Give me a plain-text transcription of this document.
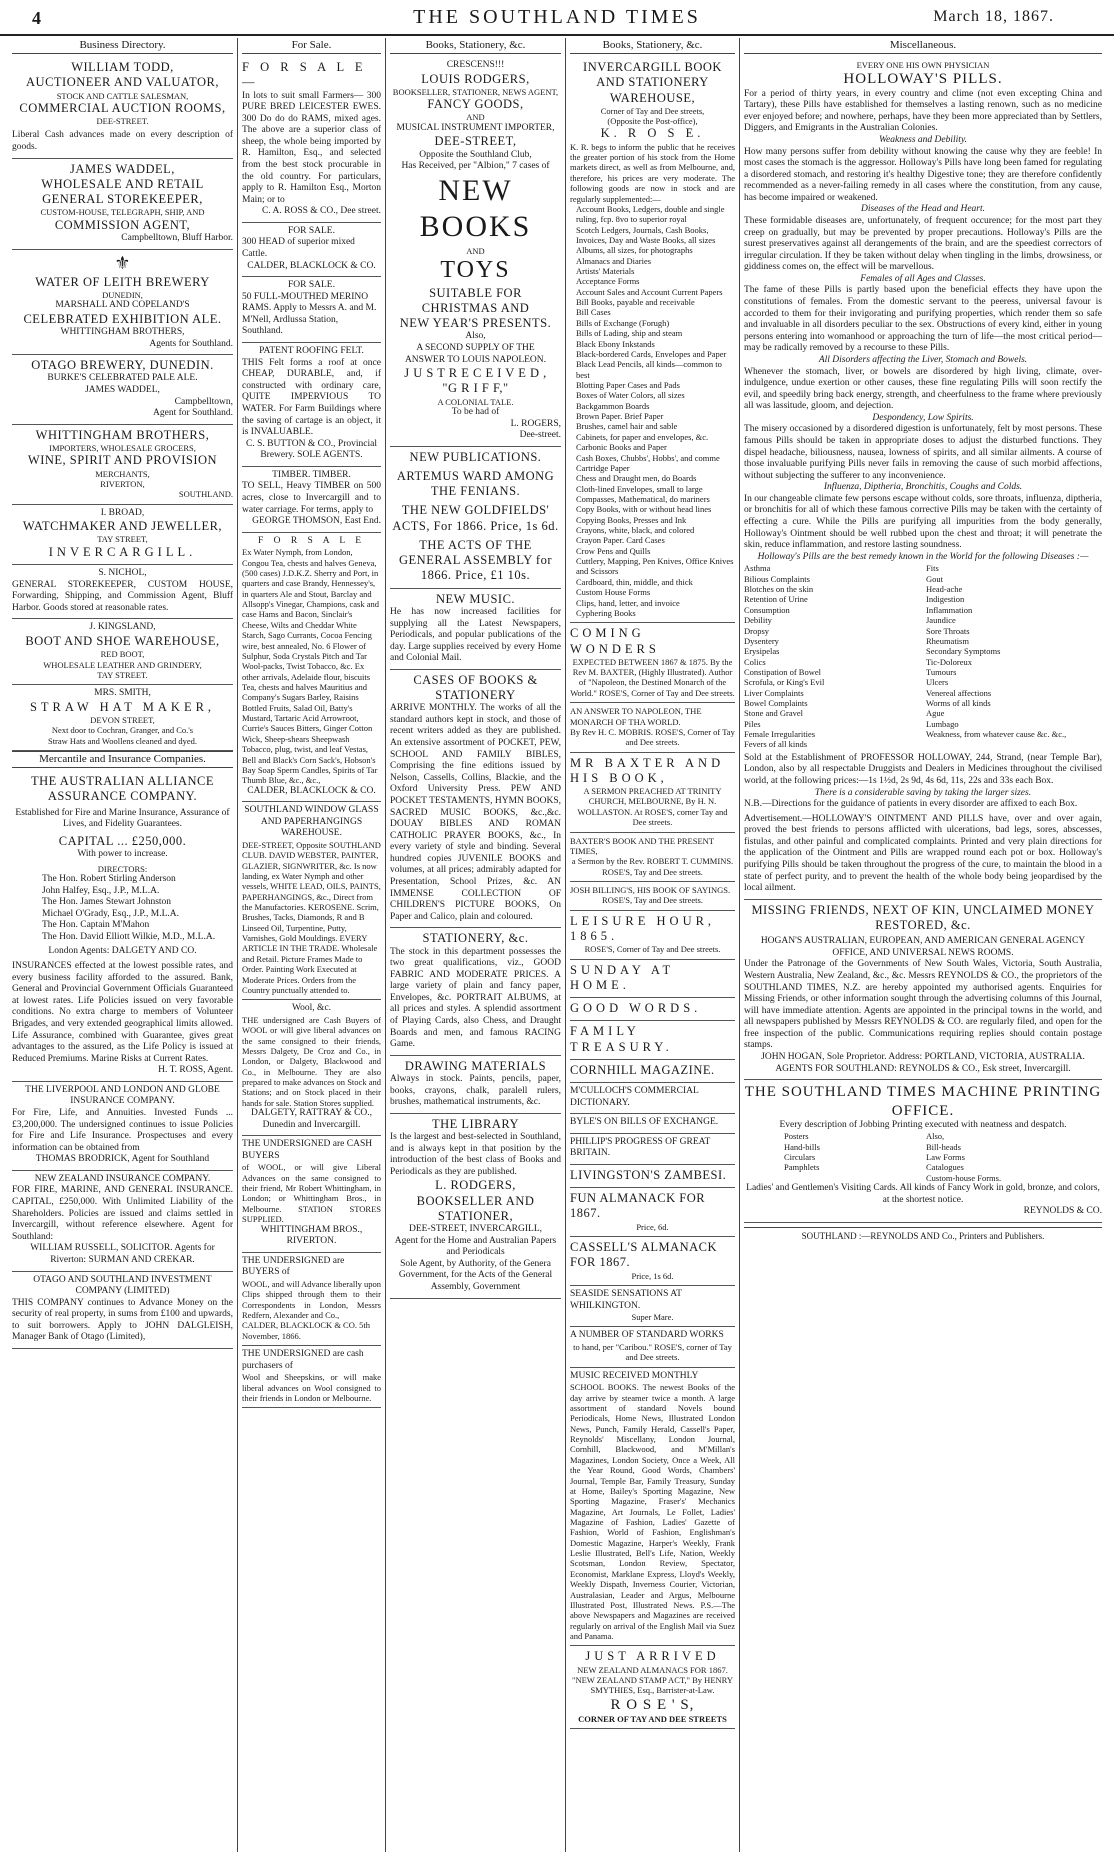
4	THE SOUTHLAND TIMES	March 18, 1867.
Business Directory.
WILLIAM TODD,
AUCTIONEER AND VALUATOR,
STOCK AND CATTLE SALESMAN,
COMMERCIAL AUCTION ROOMS,
DEE-STREET.
Liberal Cash advances made on every description of goods.
JAMES WADDEL,
WHOLESALE AND RETAIL
GENERAL STOREKEEPER,
CUSTOM-HOUSE, TELEGRAPH, SHIP, AND
COMMISSION AGENT,
Campbelltown, Bluff Harbor.
⚜
WATER OF LEITH BREWERY
DUNEDIN,
MARSHALL AND COPELAND'S
CELEBRATED EXHIBITION ALE.
WHITTINGHAM BROTHERS,
Agents for Southland.
OTAGO BREWERY, DUNEDIN.
BURKE'S CELEBRATED PALE ALE.
JAMES WADDEL,
Campbelltown,
Agent for Southland.
WHITTINGHAM BROTHERS,
IMPORTERS, WHOLESALE GROCERS,
WINE, SPIRIT AND PROVISION
MERCHANTS,
RIVERTON,
SOUTHLAND.
I. BROAD,
WATCHMAKER AND JEWELLER,
TAY STREET,
INVERCARGILL.
S. NICHOL,
GENERAL STOREKEEPER, CUSTOM HOUSE, Forwarding, Shipping, and Commission Agent, Bluff Harbor. Goods stored at reasonable rates.
J. KINGSLAND,
BOOT AND SHOE WAREHOUSE,
RED BOOT,
WHOLESALE LEATHER AND GRINDERY,
TAY STREET.
MRS. SMITH,
STRAW HAT MAKER,
DEVON STREET,
Next door to Cochran, Granger, and Co.'s
Straw Hats and Woollens cleaned and dyed.
Mercantile and Insurance Companies.
THE AUSTRALIAN ALLIANCE ASSURANCE COMPANY.
Established for Fire and Marine Insurance, Assurance of Lives, and Fidelity Guarantees.
CAPITAL ... £250,000.
With power to increase.
DIRECTORS:
The Hon. Robert Stirling Anderson
John Halfey, Esq., J.P., M.L.A.
The Hon. James Stewart Johnston
Michael O'Grady, Esq., J.P., M.L.A.
The Hon. Captain M'Mahon
The Hon. David Elliott Wilkie, M.D., M.L.A.
London Agents: DALGETY AND CO.
INSURANCES effected at the lowest possible rates, and every business facility afforded to the assured. Bank, General and Provincial Government Officials Guaranteed at lowest rates. Life Policies issued on very favorable conditions. No extra charge to members of Volunteer Brigades, and very extended geographical limits allowed. Life Assurance, combined with Guarantee, gives great advantages to the assured, as the Life Policy is issued at Reduced Premiums. Marine Risks at Current Rates.
H. T. ROSS, Agent.
THE LIVERPOOL AND LONDON AND GLOBE INSURANCE COMPANY.
For Fire, Life, and Annuities. Invested Funds ... £3,200,000. The undersigned continues to issue Policies for Fire and Life Insurance. Prospectuses and every information can be obtained from
THOMAS BRODRICK, Agent for Southland
NEW ZEALAND INSURANCE COMPANY.
FOR FIRE, MARINE, AND GENERAL INSURANCE. CAPITAL, £250,000. With Unlimited Liability of the Shareholders. Policies are issued and claims settled in Invercargill, without reference elsewhere. Agent for Southland:
WILLIAM RUSSELL, SOLICITOR. Agents for Riverton: SURMAN AND CREKAR.
OTAGO AND SOUTHLAND INVESTMENT COMPANY (LIMITED)
THIS COMPANY continues to Advance Money on the security of real property, in sums from £100 and upwards, to suit borrowers. Apply to JOHN DALGLEISH, Manager Bank of Otago (Limited),
For Sale.
F O R S A L E —
In lots to suit small Farmers— 300 PURE BRED LEICESTER EWES. 300 Do do do RAMS, mixed ages. The above are a superior class of sheep, the whole being imported by R. Hamilton, Esq., and selected from the best stock procurable in the old country. For particulars, apply to R. Hamilton Esq., Morton Main; or to
C. A. ROSS & CO., Dee street.
FOR SALE.
300 HEAD of superior mixed Cattle.
CALDER, BLACKLOCK & CO.
FOR SALE.
50 FULL-MOUTHED MERINO RAMS. Apply to Messrs A. and M. M'Nell, Ardlussa Station, Southland.
PATENT ROOFING FELT.
THIS Felt forms a roof at once CHEAP, DURABLE, and, if constructed with ordinary care, QUITE IMPERVIOUS TO WATER. For Farm Buildings where the saving of cartage is an object, it is INVALUABLE.
C. S. BUTTON & CO., Provincial Brewery. SOLE AGENTS.
TIMBER. TIMBER.
TO SELL, Heavy TIMBER on 500 acres, close to Invercargill and to water carriage. For terms, apply to
GEORGE THOMSON, East End.
F O R S A L E
Ex Water Nymph, from London, Congou Tea, chests and halves Geneva, (500 cases) J.D.K.Z. Sherry and Port, in quarters and case Brandy, Hennessey's, in quarters Ale and Stout, Barclay and Allsopp's Vinegar, Champions, cask and case Hams and Bacon, Sinclair's Cheese, Wilts and Cheddar White Starch, Sago Currants, Cocoa Fencing wire, best annealed, No. 6 Flower of Sulphur, Soda Crystals Pitch and Tar Wool-packs, Twist Tobacco, &c. Ex other arrivals, Adelaide flour, biscuits Tea, chests and halves Mauritius and Company's Sugars Barley, Raisins Bottled Fruits, Salad Oil, Batty's Mustard, Tartaric Acid Arrowroot, Currie's Sauces Bitters, Ginger Cotton Wick, Sheep-shears Sheepwash Tobacco, plug, twist, and leaf Vestas, Bell and Black's Corn Sack's, Hobson's Bay Soap Sperm Candles, Spirits of Tar Thumb Blue, &c., &c.,
CALDER, BLACKLOCK & CO.
SOUTHLAND WINDOW GLASS AND PAPERHANGINGS WAREHOUSE.
DEE-STREET, Opposite SOUTHLAND CLUB. DAVID WEBSTER, PAINTER, GLAZIER, SIGNWRITER, &c. Is now landing, ex Water Nymph and other vessels, WHITE LEAD, OILS, PAINTS, PAPERHANGINGS, &c., Direct from the Manufactories. KEROSENE. Scrim, Brushes, Tacks, Diamonds, R and B Linseed Oil, Turpentine, Putty, Varnishes, Gold Mouldings. EVERY ARTICLE IN THE TRADE. Wholesale and Retail. Picture Frames Made to Order. Painting Work Executed at Moderate Prices. Orders from the Country punctually attended to.
Wool, &c.
THE undersigned are Cash Buyers of WOOL or will give liberal advances on the same consigned to their friends, Messrs Dalgety, De Croz and Co., in London, or Dalgety, Blackwood and Co., in Melbourne. They are also prepared to make advances on Stock and Stations; and on Stock placed in their hands for sale. Station Stores supplied.
DALGETY, RATTRAY & CO., Dunedin and Invercargill.
THE UNDERSIGNED are CASH BUYERS
of WOOL, or will give Liberal Advances on the same consigned to their friend, Mr Robert Whittingham, in London; or Whittingham Bros., in Melbourne. STATION STORES SUPPLIED.
WHITTINGHAM BROS., RIVERTON.
THE UNDERSIGNED are BUYERS of
WOOL, and will Advance liberally upon Clips shipped through them to their Correspondents in London, Messrs Redfern, Alexander and Co.,
CALDER, BLACKLOCK & CO. 5th November, 1866.
THE UNDERSIGNED are cash purchasers of
Wool and Sheepskins, or will make liberal advances on Wool consigned to their friends in London or Melbourne.
Books, Stationery, &c.
CRESCENS!!!
LOUIS RODGERS,
BOOKSELLER, STATIONER, NEWS AGENT,
FANCY GOODS,
AND
MUSICAL INSTRUMENT IMPORTER,
DEE-STREET,
Opposite the Southland Club,
Has Received, per "Albion," 7 cases of
NEW BOOKS
AND
TOYS
SUITABLE FOR CHRISTMAS AND
NEW YEAR'S PRESENTS.
Also,
A SECOND SUPPLY OF THE
ANSWER TO LOUIS NAPOLEON.
J U S T R E C E I V E D ,
"G R I F F,"
A COLONIAL TALE.
To be had of
L. ROGERS,
Dee-street.
NEW PUBLICATIONS.
ARTEMUS WARD AMONG THE FENIANS.
THE NEW GOLDFIELDS' ACTS, For 1866. Price, 1s 6d.
THE ACTS OF THE GENERAL ASSEMBLY for 1866. Price, £1 10s.
NEW MUSIC.
He has now increased facilities for supplying all the Latest Newspapers, Periodicals, and popular publications of the day. Large supplies received by every Home and Colonial Mail.
CASES OF BOOKS & STATIONERY
ARRIVE MONTHLY. The works of all the standard authors kept in stock, and those of recent writers added as they are published. An extensive assortment of POCKET, PEW, SCHOOL AND FAMILY BIBLES, Comprising the fine editions issued by Nelson, Cassells, Collins, Blackie, and the Oxford University Press. PEW AND POCKET TESTAMENTS, HYMN BOOKS, SACRED MUSIC BOOKS, &c.,&c. DOUAY BIBLES AND ROMAN CATHOLIC PRAYER BOOKS, &c., In every variety of style and binding. Several hundred copies JUVENILE BOOKS and volumes, at all prices; admirably adapted for Presentation, School Prizes, &c. AN IMMENSE COLLECTION OF CHILDREN'S PICTURE BOOKS, On Paper and Calico, plain and coloured.
STATIONERY, &c.
The stock in this department possesses the two great qualifications, viz., GOOD FABRIC AND MODERATE PRICES. A large variety of plain and fancy paper, Envelopes, &c. PORTRAIT ALBUMS, at all prices and styles. A splendid assortment of Playing Cards, also Chess, and Draught Boards and men, and famous RACING Game.
DRAWING MATERIALS
Always in stock. Paints, pencils, paper, books, crayons, chalk, paralell rulers, brushes, mathematical instruments, &c.
THE LIBRARY
Is the largest and best-selected in Southland, and is always kept in that position by the introduction of the best class of Books and Periodicals as they are published.
L. RODGERS,
BOOKSELLER AND STATIONER,
DEE-STREET, INVERCARGILL,
Agent for the Home and Australian Papers and Periodicals
Sole Agent, by Authority, of the Genera Government, for the Acts of the General Assembly, Government
Books, Stationery, &c.
INVERCARGILL BOOK AND STATIONERY WAREHOUSE,
Corner of Tay and Dee streets,
(Opposite the Post-office),
K. R O S E.
K. R. begs to inform the public that he receives the greater portion of his stock from the Home markets direct, as well as from Melbourne, and, therefore, his prices are very moderate. The following goods are now in stock and are regularly supplemented:—
Account Books, Ledgers, double and single ruling, fcp. 8vo to superior royal
Scotch Ledgers, Journals, Cash Books, Invoices, Day and Waste Books, all sizes
Albums, all sizes, for photographs
Almanacs and Diaries
Artists' Materials
Acceptance Forms
Account Sales and Account Current Papers
Bill Books, payable and receivable
Bill Cases
Bills of Exchange (Forugh)
Bills of Lading, ship and steam
Black Ebony Inkstands
Black-bordered Cards, Envelopes and Paper
Black Lead Pencils, all kinds—common to best
Blotting Paper Cases and Pads
Boxes of Water Colors, all sizes
Backgammon Boards
Brown Paper. Brief Paper
Brushes, camel hair and sable
Cabinets, for paper and envelopes, &c.
Carbonic Books and Paper
Cash Boxes, Chubbs', Hobbs', and comme
Cartridge Paper
Chess and Draught men, do Boards
Cloth-lined Envelopes, small to large
Compasses, Mathematical, do mariners
Copy Books, with or without head lines
Copying Books, Presses and Ink
Crayons, white, black, and colored
Crayon Paper. Card Cases
Crow Pens and Quills
Cuttlery, Mapping, Pen Knives, Office Knives and Scissors
Cardboard, thin, middle, and thick
Custom House Forms
Clips, hand, letter, and invoice
Cyphering Books
COMING WONDERS
EXPECTED BETWEEN 1867 & 1875. By the Rev M. BAXTER, (Highly Illustrated). Author of "Napoleon, the Destined Monarch of the World." ROSE'S, Corner of Tay and Dee streets.
AN ANSWER TO NAPOLEON, THE MONARCH OF THA WORLD.
By Rev H. C. MOBRIS. ROSE'S, Corner of Tay and Dee streets.
MR BAXTER AND HIS BOOK,
A SERMON PREACHED AT TRINITY CHURCH, MELBOURNE, By H. N. WOLLASTON. At ROSE'S, corner Tay and Dee streets.
BAXTER'S BOOK AND THE PRESENT TIMES,
a Sermon by the Rev. ROBERT T. CUMMINS. ROSE'S, Tay and Dee streets.
JOSH BILLING'S, HIS BOOK OF SAYINGS.
ROSE'S, Tay and Dee streets.
LEISURE HOUR, 1865.
ROSE'S, Corner of Tay and Dee streets.
SUNDAY AT HOME.
GOOD WORDS.
FAMILY TREASURY.
CORNHILL MAGAZINE.
M'CULLOCH'S COMMERCIAL DICTIONARY.
BYLE'S ON BILLS OF EXCHANGE.
PHILLIP'S PROGRESS OF GREAT BRITAIN.
LIVINGSTON'S ZAMBESI.
FUN ALMANACK FOR 1867.
Price, 6d.
CASSELL'S ALMANACK FOR 1867.
Price, 1s 6d.
SEASIDE SENSATIONS AT WHILKINGTON.
Super Mare.
A NUMBER OF STANDARD WORKS
to hand, per "Caribou." ROSE'S, corner of Tay and Dee streets.
MUSIC RECEIVED MONTHLY
SCHOOL BOOKS. The newest Books of the day arrive by steamer twice a month. A large assortment of standard Novels bound Periodicals, Home News, Illustrated London News, Punch, Family Herald, Cassell's Paper, Reynolds' Miscellany, London Journal, Cornhill, Blackwood, and M'Millan's Magazines, London Society, Once a Week, All the Year Round, Good Words, Chambers' Journal, Temple Bar, Family Treasury, Sunday at Home, Bailey's Sporting Magazine, New Sporting Magazine, Fraser's' Mechanics Magazine, Art Journals, Le Follet, Ladies' Magazine of Fashion, Ladies' Gazette of Fashion, World of Fashion, Englishman's Domestic Magazine, Harper's Weekly, Frank Leslie Illustrated, Bell's Life, Nation, Weekly Scotsman, London Review, Spectator, Economist, Marklane Express, Lloyd's Weekly, Weekly Dispath, Inverness Courier, Victorian, Australasian, Leader and Argus, Melbourne Illustrated Post, Illustrated News. P.S.—The above Newspapers and Magazines are received regularly on arrival of the English Mail via Suez and Panama.
JUST ARRIVED
NEW ZEALAND ALMANACS FOR 1867. "NEW ZEALAND STAMP ACT," By HENRY SMYTHIES, Esq., Barrister-at-Law.
R O S E ' S,
CORNER OF TAY AND DEE STREETS
Miscellaneous.
EVERY ONE HIS OWN PHYSICIAN
HOLLOWAY'S PILLS.
For a period of thirty years, in every country and clime (not even excepting China and Tartary), these Pills have established for themselves a lasting renown, such as no medicine ever enjoyed before; and nowhere, perhaps, have they been more appreciated than by Settlers, Diggers, and Emigrants in the Australian Colonies.
Weakness and Debility.
How many persons suffer from debility without knowing the cause why they are feeble! In most cases the stomach is the aggressor. Holloway's Pills have long been famed for regulating a disordered stomach, and restoring it's healthy Digestive tone; they are therefore confidently recommended as a never-failing remedy in all cases where the constitution, from any cause, has become impaired or weakened.
Diseases of the Head and Heart.
These formidable diseases are, unfortunately, of frequent occurence; for the most part they creep on gradually, but may be prevented by proper precautions. Holloway's Pills are the surest preservatives against all derangements of the brain, and are the speediest correctors of irregular circulation. If they be taken without delay when tingling in the limbs, drowsiness, or giddiness comes on, the effect will be marvellous.
Females of all Ages and Classes.
The fame of these Pills is partly based upon the beneficial effects they have upon the constitutions of females. From the domestic servant to the peeress, universal favour is accorded to them for their invigorating and purifying properties, which render them so safe and invaluable in all disorders peculiar to the sex. Obstructions of every kind, either in young persons entering into womanhood or approaching the turn of life—the most critical period—may be radically removed by a recourse to these Pills.
All Disorders affecting the Liver, Stomach and Bowels.
Whenever the stomach, liver, or bowels are disordered by high living, climate, over-indulgence, undue exertion or other causes, these fine regulating Pills will soon rectify the evil, and speedily bring back energy, strength, and cheerfulness to the frame where previously all was lassitude, gloom, and dejection.
Despondency, Low Spirits.
The misery occasioned by a disordered digestion is unfortunately, felt by most persons. These famous Pills should be taken in appropriate doses to adjust the disturbed functions. They dispel headache, biliousness, nausea, lowness of spirits, and all similar ailments. A course of those invaluable purifying Pills never fails in removing the cause of such morbid affections, without subjecting the sufferer to any inconvenience.
Influenza, Diptheria, Bronchitis, Coughs and Colds.
In our changeable climate few persons escape without colds, sore throats, influenza, diptheria, or bronchitis for all of which these famous corrective Pills may be taken with the certainty of effecting a cure. While the Pills are purifying all impurities from the body generally, Holloway's Ointment should be well rubbed upon the chest and throat; it will penetrate the skin, reduce inflammation, and restore lasting soundness.
Holloway's Pills are the best remedy known in the World for the following Diseases :—
Asthma
Bilious Complaints
Blotches on the skin
Retention of Urine
Consumption
Debility
Dropsy
Dysentery
Erysipelas
Colics
Constipation of Bowel
Scrofula, or King's Evil
Liver Complaints
Bowel Complaints
Stone and Gravel
Piles
Female Irregularities
Fevers of all kinds
Fits
Gout
Head-ache
Indigestion
Inflammation
Jaundice
Sore Throats
Rheumatism
Secondary Symptoms
Tic-Doloreux
Tumours
Ulcers
Venereal affections
Worms of all kinds
Ague
Lumbago
Weakness, from whatever cause &c. &c.,
Sold at the Establishment of PROFESSOR HOLLOWAY, 244, Strand, (near Temple Bar), London, also by all respectable Druggists and Dealers in Medicines throughout the civilised world, at the following prices:—1s 1½d, 2s 9d, 4s 6d, 11s, 22s and 33s each Box.
There is a considerable saving by taking the larger sizes.
N.B.—Directions for the guidance of patients in every disorder are affixed to each Box.
Advertisement.—HOLLOWAY'S OINTMENT AND PILLS have, over and over again, proved the best friends to persons afflicted with ulcerations, bad legs, sores, abscesses, fistulas, and other painful and complicated complaints. Printed and very plain directions for the application of the Ointment and Pills are wrapped round each pot or box. Holloway's purifying Pills should be taken throughout the progress of the cure, to maintain the blood in a state of perfect purity, and to prevent the health of the whole body being jeopardised by the local ailment.
MISSING FRIENDS, NEXT OF KIN, UNCLAIMED MONEY RESTORED, &c.
HOGAN'S AUSTRALIAN, EUROPEAN, AND AMERICAN GENERAL AGENCY OFFICE, AND UNIVERSAL NEWS ROOMS.
Under the Patronage of the Governments of New South Wales, Victoria, South Australia, Western Australia, New Zealand, &c., &c. Messrs REYNOLDS & CO., the proprietors of the SOUTHLAND TIMES, N.Z. are hereby appointed my authorised agents. Enquiries for Missing Friends, or other information sought through the advertising columns of this Journal, will have immediate attention. Agents are appointed in the principal towns in the world, and all newspapers published by Messrs REYNOLDS & CO. are regularly filed, and open for the free inspection of the public. Communications requiring replies should contain postage stamps.
JOHN HOGAN, Sole Proprietor. Address: PORTLAND, VICTORIA, AUSTRALIA. AGENTS FOR SOUTHLAND: REYNOLDS & CO., Esk street, Invercargill.
THE SOUTHLAND TIMES MACHINE PRINTING OFFICE.
Every description of Jobbing Printing executed with neatness and despatch.
Posters
Hand-bills
Circulars
Pamphlets
Also,
Bill-heads
Law Forms
Catalogues
Custom-house Forms.
Ladies' and Gentlemen's Visiting Cards. All kinds of Fancy Work in gold, bronze, and colors, at the shortest notice.
REYNOLDS & CO.
SOUTHLAND :—REYNOLDS AND Co., Printers and Publishers.
